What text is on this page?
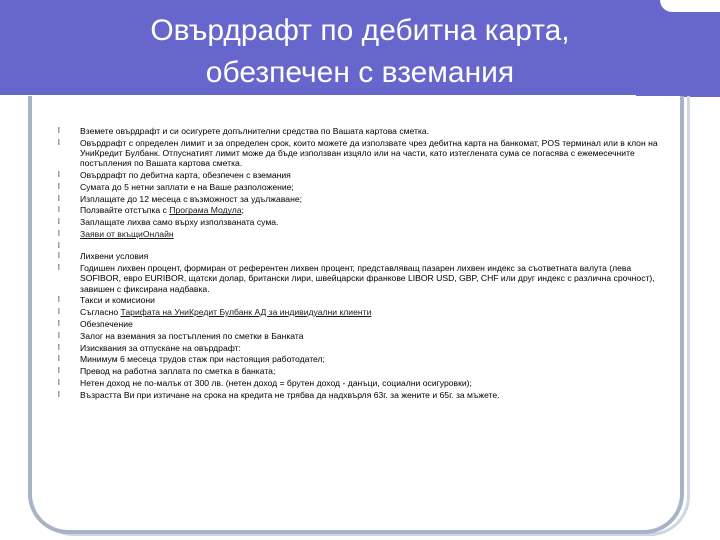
Овърдрафт по дебитна карта,
обезпечен с вземания
l Вземете овърдрафт и си осигурете допълнителни средства по Вашата картова сметка.
l Овърдрафт с определен лимит и за определен срок, които можете да използвате чрез дебитна карта на банкомат, POS терминал или в клон на УниКредит Булбанк. Отпуснатият лимит може да бъде използван изцяло или на части, като изтеглената сума се погасява с ежемесечните постъпления по Вашата картова сметка.
l Овърдрафт по дебитна карта, обезпечен с вземания
l Сумата до 5 нетни заплати е на Ваше разположение;
l Изплащате до 12 месеца с възможност за удължаване;
l Ползвайте отстъпка с Програма Модула;
l Заплащате лихва само върху използваната сума.
l Заяви от вкъщиОнлайн
l
l Лихвени условия
l Годишен лихвен процент, формиран от референтен лихвен процент, представляващ пазарен лихвен индекс за съответната валута (лева SOFIBOR, евро EURIBOR, щатски долар, британски лири, швейцарски франкове LIBOR USD, GBP, CHF или друг индекс с различна срочност), завишен с фиксирана надбавка.
l Такси и комисиони
l Съгласно Тарифата на УниКредит Булбанк АД за индивидуални клиенти
l Обезпечение
l Залог на вземания за постъпления по сметки в Банката
l Изисквания за отпускане на овърдрафт:
l Минимум 6 месеца трудов стаж при настоящия работодател;
l Превод на работна заплата по сметка в банката;
l Нетен доход не по-малък от 300 лв. (нетен доход = брутен доход - данъци, социални осигуровки);
l Възрастта Ви при изтичане на срока на кредита не трябва да надхвърля 63г. за жените и 65г. за мъжете.
